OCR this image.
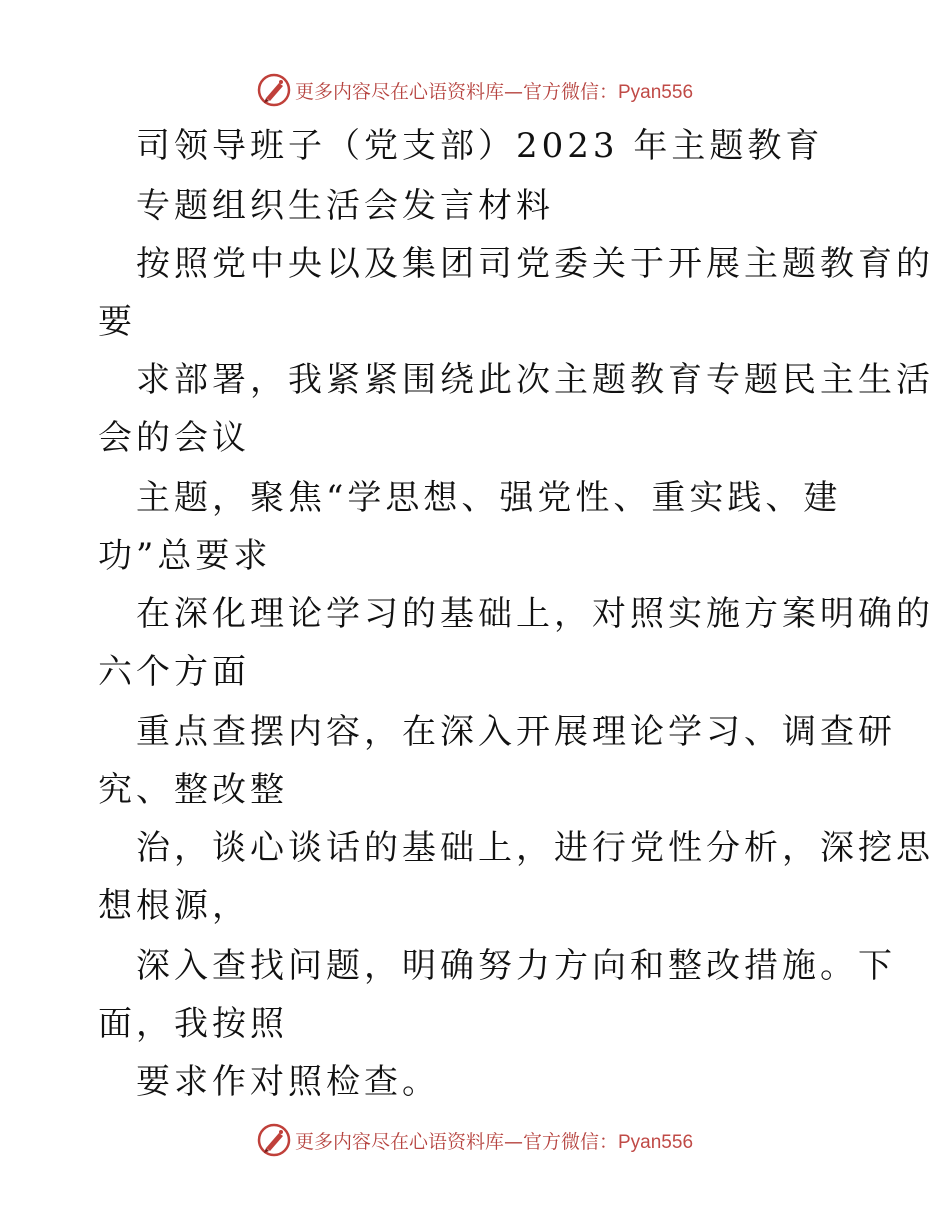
更多内容尽在心语资料库—官方微信：Pyan556
司领导班子（党支部）2023 年主题教育
专题组织生活会发言材料
按照党中央以及集团司党委关于开展主题教育的
要
求部署，我紧紧围绕此次主题教育专题民主生活
会的会议
主题，聚焦“学思想、强党性、重实践、建
功”总要求
在深化理论学习的基础上，对照实施方案明确的
六个方面
重点查摆内容，在深入开展理论学习、调查研
究、整改整
治，谈心谈话的基础上，进行党性分析，深挖思
想根源，
深入查找问题，明确努力方向和整改措施。下
面，我按照
要求作对照检查。
更多内容尽在心语资料库—官方微信：Pyan556
